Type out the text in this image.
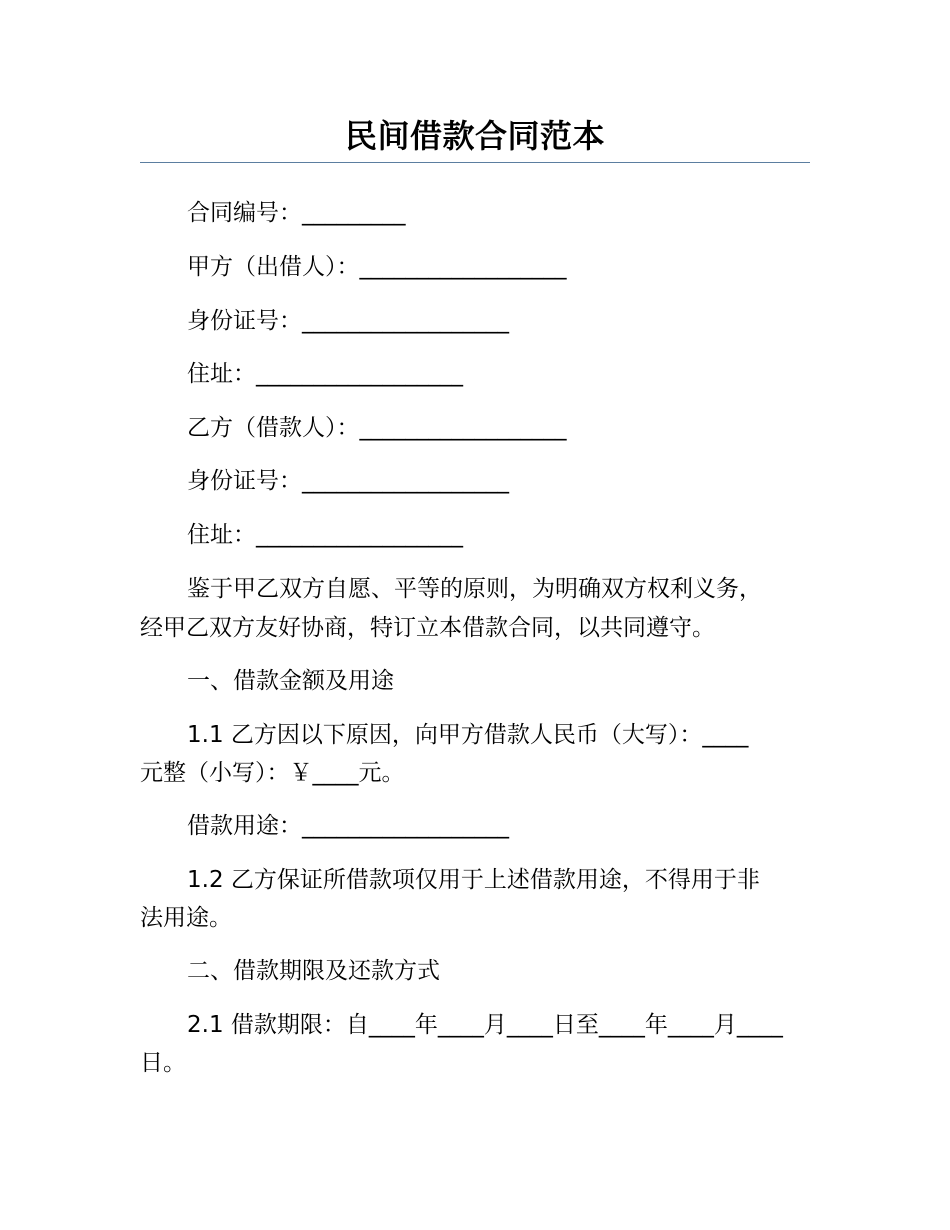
民间借款合同范本
合同编号：_________
甲方（出借人）：__________________
身份证号：__________________
住址：__________________
乙方（借款人）：__________________
身份证号：__________________
住址：__________________
鉴于甲乙双方自愿、平等的原则，为明确双方权利义务，
经甲乙双方友好协商，特订立本借款合同，以共同遵守。
一、借款金额及用途
1.1 乙方因以下原因，向甲方借款人民币（大写）：____
元整（小写）：￥____元。
借款用途：__________________
1.2 乙方保证所借款项仅用于上述借款用途，不得用于非
法用途。
二、借款期限及还款方式
2.1 借款期限：自____年____月____日至____年____月____
日。
